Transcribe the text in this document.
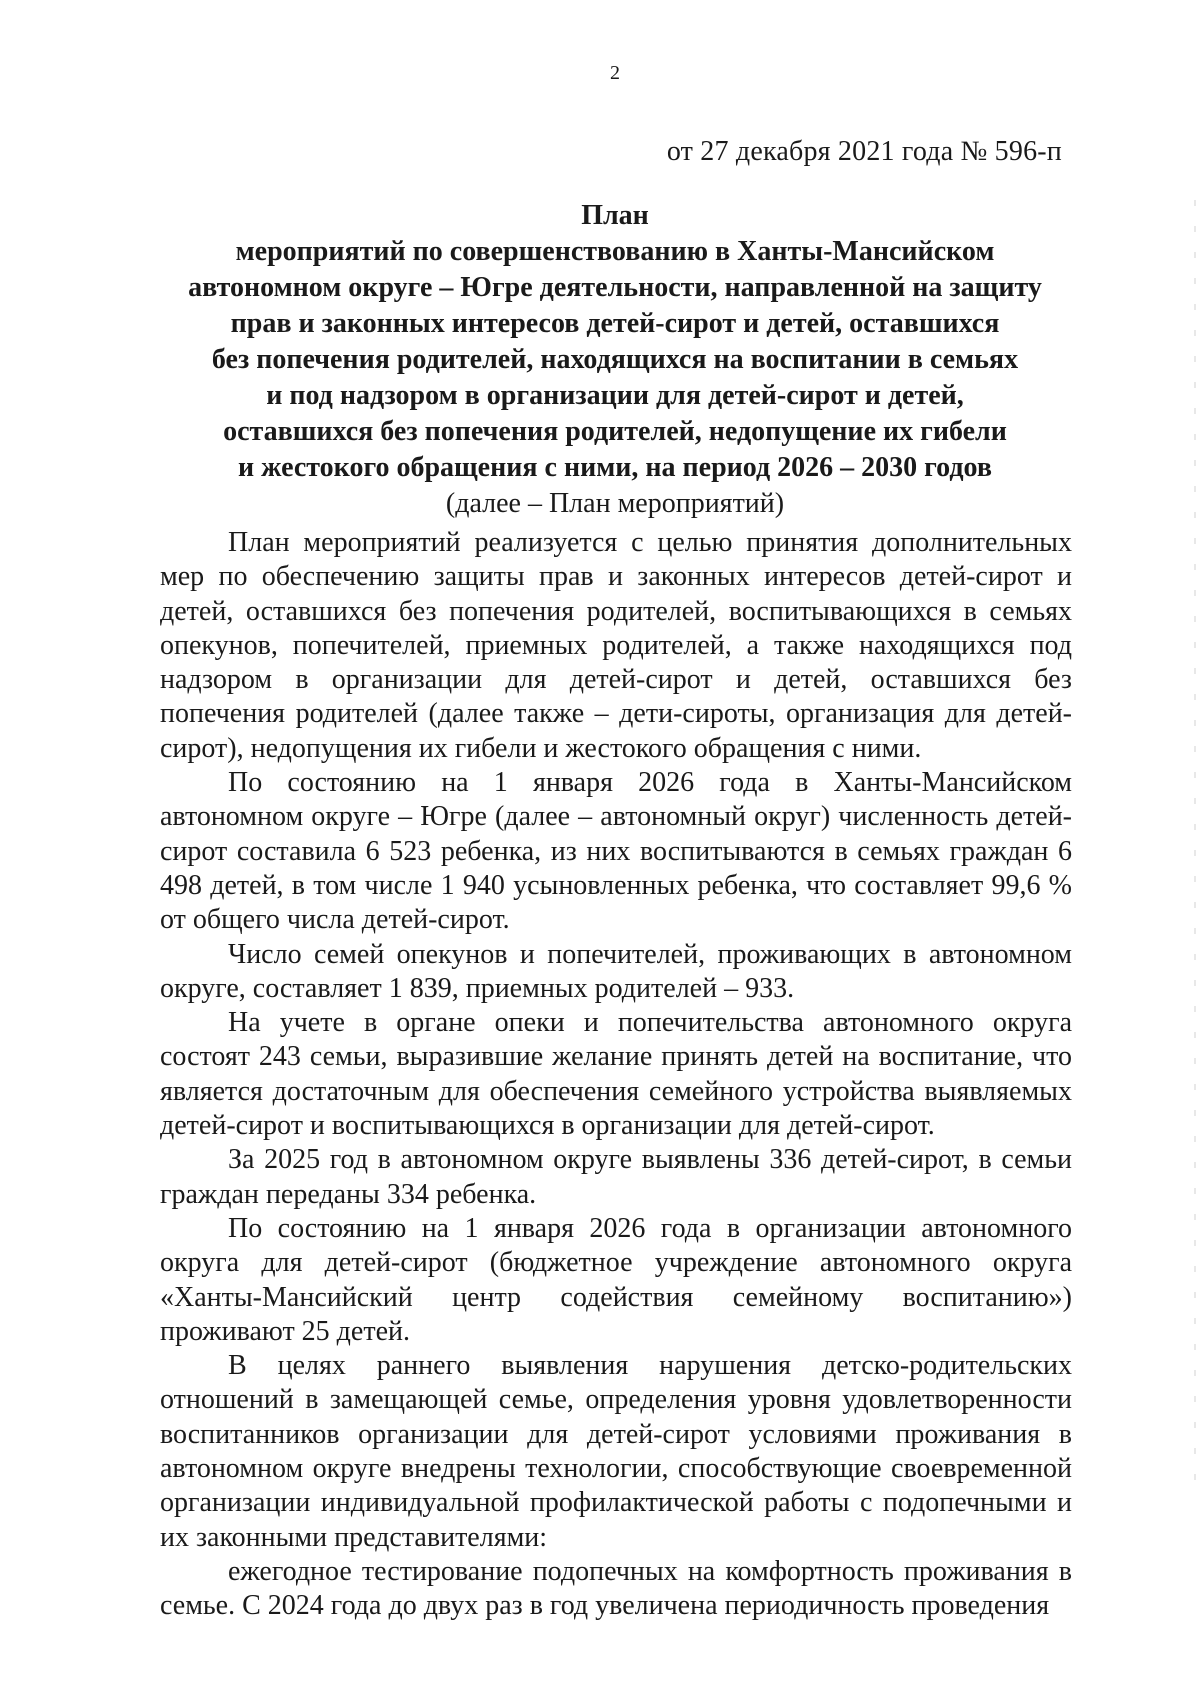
2
от 27 декабря 2021 года № 596-п
План
мероприятий по совершенствованию в Ханты-Мансийском
автономном округе – Югре деятельности, направленной на защиту
прав и законных интересов детей-сирот и детей, оставшихся
без попечения родителей, находящихся на воспитании в семьях
и под надзором в организации для детей-сирот и детей,
оставшихся без попечения родителей, недопущение их гибели
и жестокого обращения с ними, на период 2026 – 2030 годов
(далее – План мероприятий)

План мероприятий реализуется с целью принятия дополнительных мер по обеспечению защиты прав и законных интересов детей-сирот и детей, оставшихся без попечения родителей, воспитывающихся в семьях опекунов, попечителей, приемных родителей, а также находящихся под надзором в организации для детей-сирот и детей, оставшихся без попечения родителей (далее также – дети-сироты, организация для детей-сирот), недопущения их гибели и жестокого обращения с ними.

По состоянию на 1 января 2026 года в Ханты-Мансийском автономном округе – Югре (далее – автономный округ) численность детей-сирот составила 6 523 ребенка, из них воспитываются в семьях граждан 6 498 детей, в том числе 1 940 усыновленных ребенка, что составляет 99,6 % от общего числа детей-сирот.

Число семей опекунов и попечителей, проживающих в автономном округе, составляет 1 839, приемных родителей – 933.

На учете в органе опеки и попечительства автономного округа состоят 243 семьи, выразившие желание принять детей на воспитание, что является достаточным для обеспечения семейного устройства выявляемых детей-сирот и воспитывающихся в организации для детей-сирот.

За 2025 год в автономном округе выявлены 336 детей-сирот, в семьи граждан переданы 334 ребенка.

По состоянию на 1 января 2026 года в организации автономного округа для детей-сирот (бюджетное учреждение автономного округа «Ханты-Мансийский центр содействия семейному воспитанию») проживают 25 детей.

В целях раннего выявления нарушения детско-родительских отношений в замещающей семье, определения уровня удовлетворенности воспитанников организации для детей-сирот условиями проживания в автономном округе внедрены технологии, способствующие своевременной организации индивидуальной профилактической работы с подопечными и их законными представителями:

ежегодное тестирование подопечных на комфортность проживания в семье. С 2024 года до двух раз в год увеличена периодичность проведения
